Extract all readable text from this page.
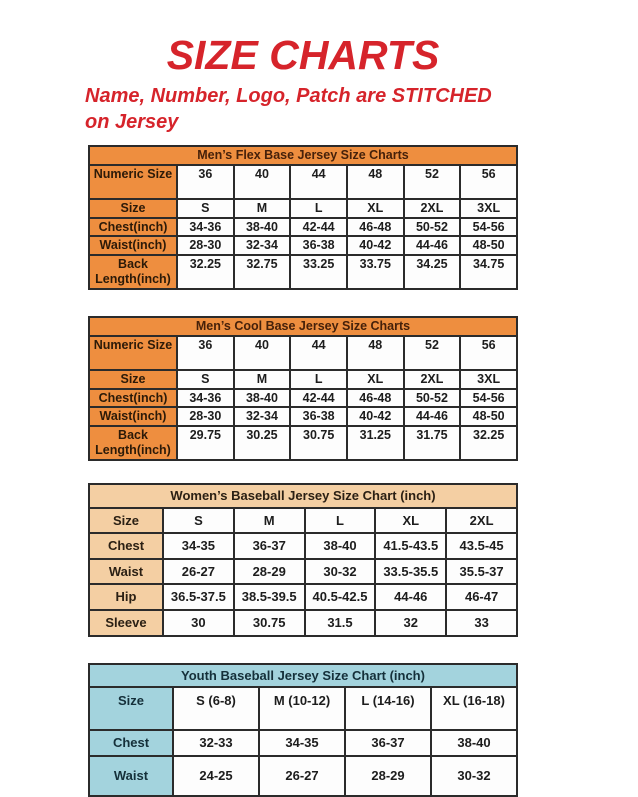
SIZE CHARTS

Name, Number, Logo, Patch are STITCHED
on Jersey

Men’s Flex Base Jersey Size Charts						
Numeric Size	36	40	44	48	52	56
Size	S	M	L	XL	2XL	3XL
Chest(inch)	34-36	38-40	42-44	46-48	50-52	54-56
Waist(inch)	28-30	32-34	36-38	40-42	44-46	48-50
Back Length(inch)	32.25	32.75	33.25	33.75	34.25	34.75
Men’s Cool Base Jersey Size Charts						
Numeric Size	36	40	44	48	52	56
Size	S	M	L	XL	2XL	3XL
Chest(inch)	34-36	38-40	42-44	46-48	50-52	54-56
Waist(inch)	28-30	32-34	36-38	40-42	44-46	48-50
Back Length(inch)	29.75	30.25	30.75	31.25	31.75	32.25
Women’s Baseball Jersey Size Chart (inch)					
Size	S	M	L	XL	2XL
Chest	34-35	36-37	38-40	41.5-43.5	43.5-45
Waist	26-27	28-29	30-32	33.5-35.5	35.5-37
Hip	36.5-37.5	38.5-39.5	40.5-42.5	44-46	46-47
Sleeve	30	30.75	31.5	32	33
Youth Baseball Jersey Size Chart (inch)				
Size	S (6-8)	M (10-12)	L (14-16)	XL (16-18)
Chest	32-33	34-35	36-37	38-40
Waist	24-25	26-27	28-29	30-32
